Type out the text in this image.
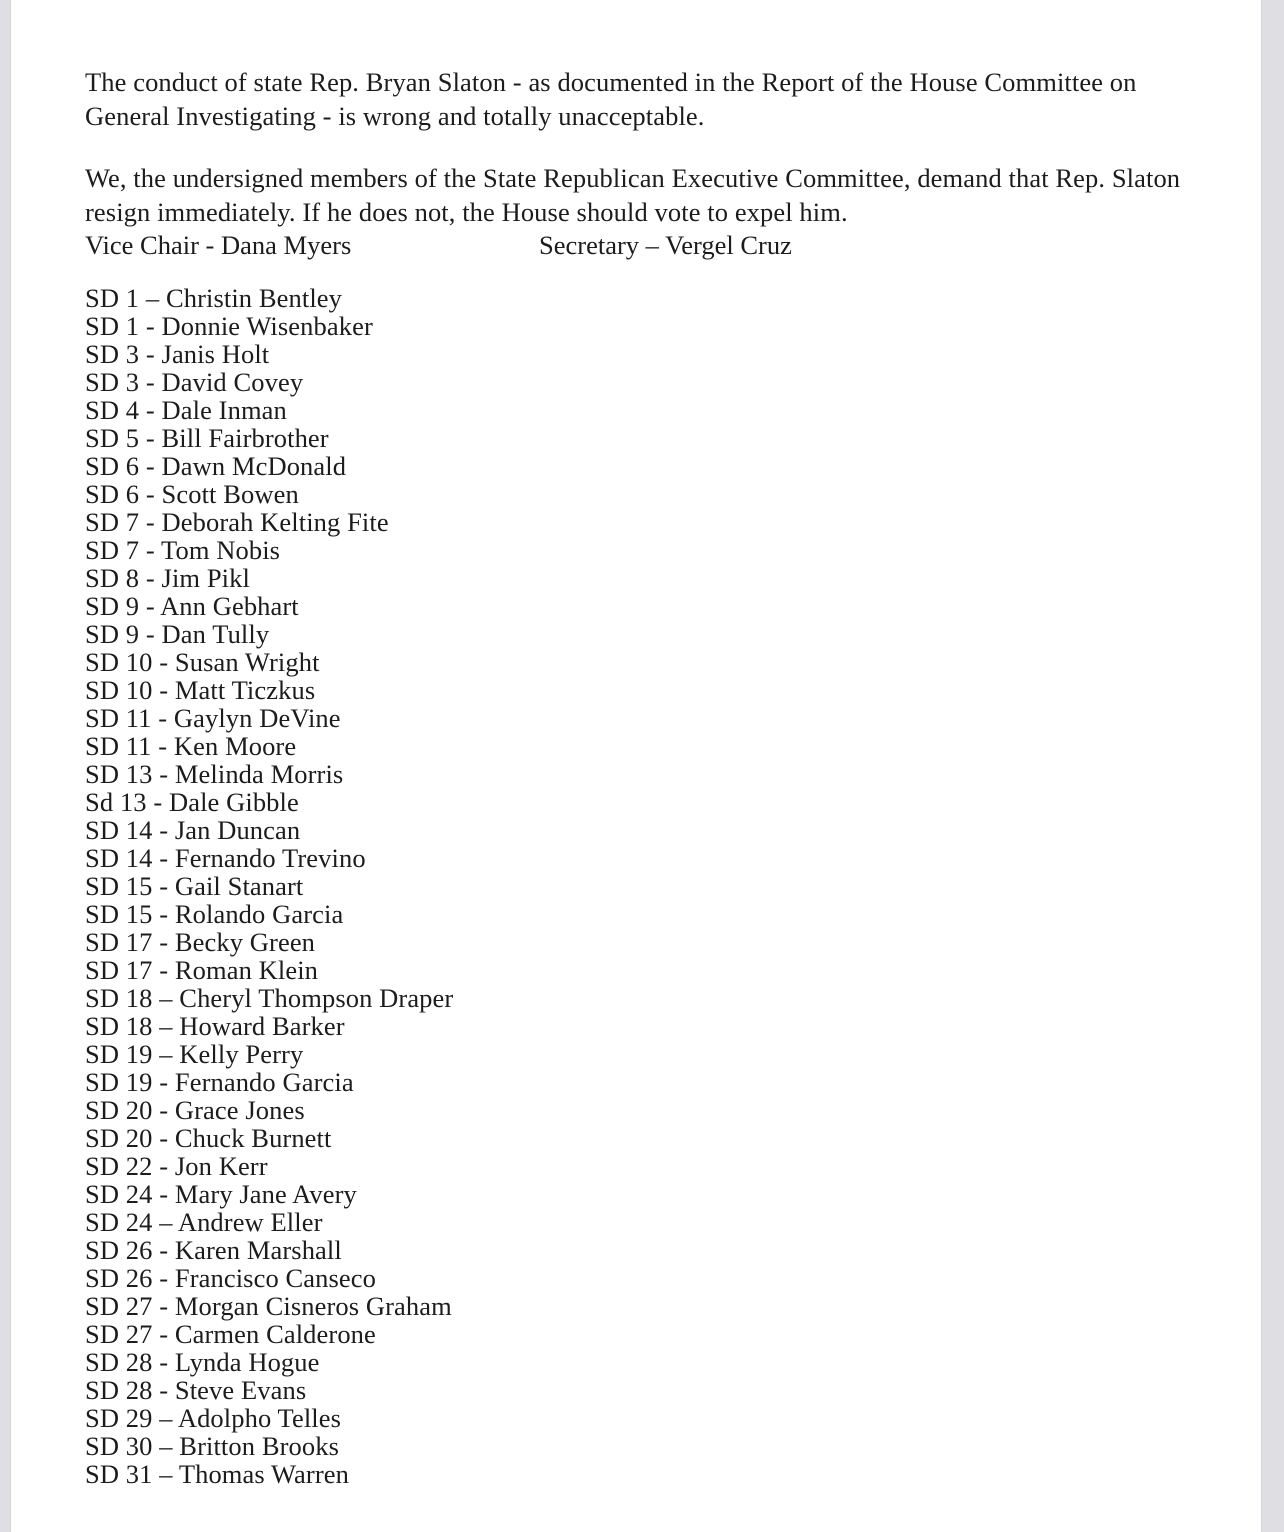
The conduct of state Rep. Bryan Slaton - as documented in the Report of the House Committee on General Investigating - is wrong and totally unacceptable.

We, the undersigned members of the State Republican Executive Committee, demand that Rep. Slaton resign immediately. If he does not, the House should vote to expel him.

Vice Chair - Dana Myers	Secretary – Vergel Cruz
SD 1 – Christin Bentley
SD 1 - Donnie Wisenbaker
SD 3 - Janis Holt
SD 3 - David Covey
SD 4 - Dale Inman
SD 5 - Bill Fairbrother
SD 6 - Dawn McDonald
SD 6 - Scott Bowen
SD 7 - Deborah Kelting Fite
SD 7 - Tom Nobis
SD 8 - Jim Pikl
SD 9 - Ann Gebhart
SD 9 - Dan Tully
SD 10 - Susan Wright
SD 10 - Matt Ticzkus
SD 11 - Gaylyn DeVine
SD 11 - Ken Moore
SD 13 - Melinda Morris
Sd 13 - Dale Gibble
SD 14 - Jan Duncan
SD 14 - Fernando Trevino
SD 15 - Gail Stanart
SD 15 - Rolando Garcia
SD 17 - Becky Green
SD 17 - Roman Klein
SD 18 – Cheryl Thompson Draper
SD 18 – Howard Barker
SD 19 – Kelly Perry
SD 19 - Fernando Garcia
SD 20 - Grace Jones
SD 20 - Chuck Burnett
SD 22 - Jon Kerr
SD 24 - Mary Jane Avery
SD 24 – Andrew Eller
SD 26 - Karen Marshall
SD 26 - Francisco Canseco
SD 27 - Morgan Cisneros Graham
SD 27 - Carmen Calderone
SD 28 - Lynda Hogue
SD 28 - Steve Evans
SD 29 – Adolpho Telles
SD 30 – Britton Brooks
SD 31 – Thomas Warren
